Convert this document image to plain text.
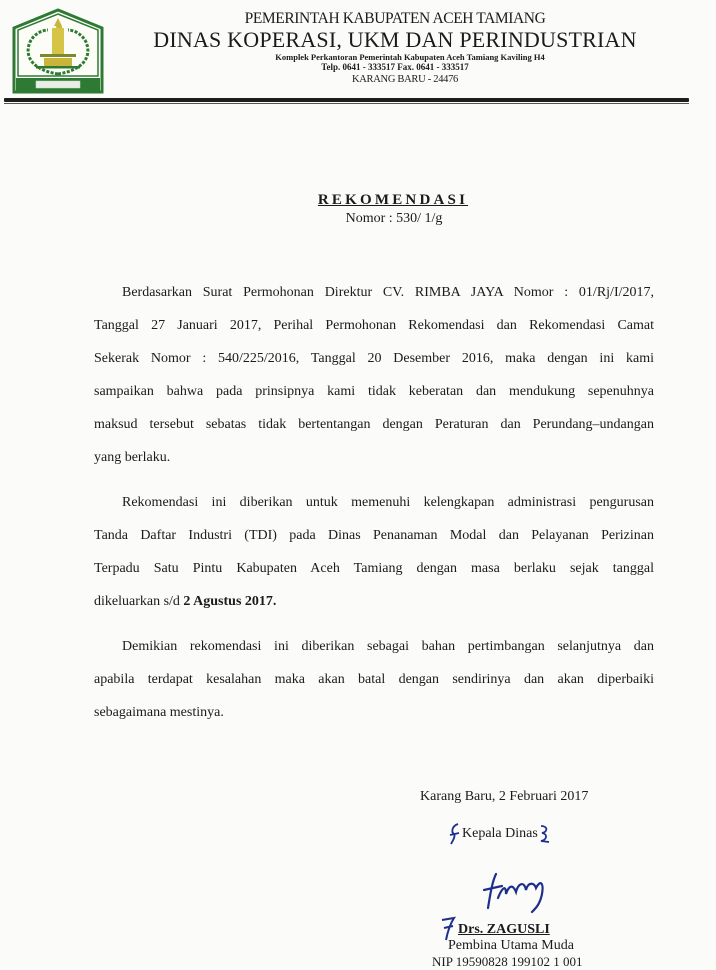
PEMERINTAH KABUPATEN ACEH TAMIANG
DINAS KOPERASI, UKM DAN PERINDUSTRIAN
Komplek Perkantoran Pemerintah Kabupaten Aceh Tamiang Kaviling H4
Telp. 0641 - 333517 Fax. 0641 - 333517
KARANG BARU - 24476
REKOMENDASI
Nomor : 530/ 1/g
Berdasarkan Surat Permohonan Direktur CV. RIMBA JAYA Nomor : 01/Rj/I/2017,
Tanggal 27 Januari 2017, Perihal Permohonan Rekomendasi dan Rekomendasi Camat
Sekerak Nomor : 540/225/2016, Tanggal 20 Desember 2016, maka dengan ini kami
sampaikan bahwa pada prinsipnya kami tidak keberatan dan mendukung sepenuhnya
maksud tersebut sebatas tidak bertentangan dengan Peraturan dan Perundang–undangan
yang berlaku.
Rekomendasi ini diberikan untuk memenuhi kelengkapan administrasi pengurusan
Tanda Daftar Industri (TDI) pada Dinas Penanaman Modal dan Pelayanan Perizinan
Terpadu Satu Pintu Kabupaten Aceh Tamiang dengan masa berlaku sejak tanggal
dikeluarkan s/d 2 Agustus 2017.
Demikian rekomendasi ini diberikan sebagai bahan pertimbangan selanjutnya dan
apabila terdapat kesalahan maka akan batal dengan sendirinya dan akan diperbaiki
sebagaimana mestinya.
Karang Baru, 2 Februari 2017
Kepala Dinas
Drs. ZAGUSLI
Pembina Utama Muda
NIP 19590828 199102 1 001
